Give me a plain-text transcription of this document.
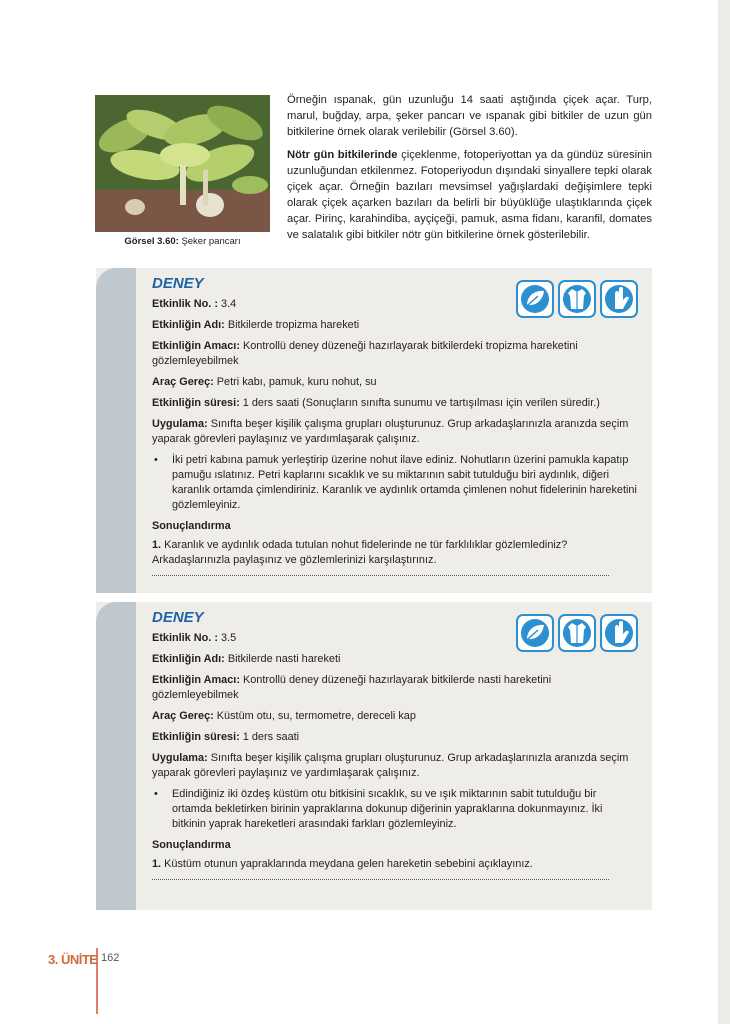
Görsel 3.60: Şeker pancarı

Örneğin ıspanak, gün uzunluğu 14 saati aştığında çiçek açar. Turp, marul, buğday, arpa, şeker pancarı ve ıspanak gibi bitkiler de uzun gün bitkilerine örnek olarak verilebilir (Görsel 3.60).

Nötr gün bitkilerinde çiçeklenme, fotoperiyottan ya da gündüz süresinin uzunluğundan etkilenmez. Fotoperiyodun dışındaki sinyallere tepki olarak çiçek açar. Örneğin bazıları mevsimsel yağışlardaki değişimlere tepki olarak çiçek açarken bazıları da belirli bir büyüklüğe ulaştıklarında çiçek açar. Pirinç, karahindiba, ayçiçeği, pamuk, asma fidanı, karanfil, domates ve salatalık gibi bitkiler nötr gün bitkilerine örnek gösterilebilir.

DENEY
Etkinlik No. : 3.4
Etkinliğin Adı: Bitkilerde tropizma hareketi
Etkinliğin Amacı: Kontrollü deney düzeneği hazırlayarak bitkilerdeki tropizma hareketini gözlemleyebilmek
Araç Gereç: Petri kabı, pamuk, kuru nohut, su
Etkinliğin süresi: 1 ders saati (Sonuçların sınıfta sunumu ve tartışılması için verilen süredir.)
Uygulama: Sınıfta beşer kişilik çalışma grupları oluşturunuz. Grup arkadaşlarınızla aranızda seçim yaparak görevleri paylaşınız ve yardımlaşarak çalışınız.
• İki petri kabına pamuk yerleştirip üzerine nohut ilave ediniz. Nohutların üzerini pamukla kapatıp pamuğu ıslatınız. Petri kaplarını sıcaklık ve su miktarının sabit tutulduğu biri aydınlık, diğeri karanlık ortamda çimlendiriniz. Karanlık ve aydınlık ortamda çimlenen nohut fidelerinin hareketini gözlemleyiniz.
Sonuçlandırma
1. Karanlık ve aydınlık odada tutulan nohut fidelerinde ne tür farklılıklar gözlemlediniz? Arkadaşlarınızla paylaşınız ve gözlemlerinizi karşılaştırınız.
DENEY
Etkinlik No. : 3.5
Etkinliğin Adı: Bitkilerde nasti hareketi
Etkinliğin Amacı: Kontrollü deney düzeneği hazırlayarak bitkilerde nasti hareketini gözlemleyebilmek
Araç Gereç: Küstüm otu, su, termometre, dereceli kap
Etkinliğin süresi: 1 ders saati
Uygulama: Sınıfta beşer kişilik çalışma grupları oluşturunuz. Grup arkadaşlarınızla aranızda seçim yaparak görevleri paylaşınız ve yardımlaşarak çalışınız.
• Edindiğiniz iki özdeş küstüm otu bitkisini sıcaklık, su ve ışık miktarının sabit tutulduğu bir ortamda bekletirken birinin yapraklarına dokunup diğerinin yapraklarına dokunmayınız. İki bitkinin yaprak hareketleri arasındaki farkları gözlemleyiniz.
Sonuçlandırma
1. Küstüm otunun yapraklarında meydana gelen hareketin sebebini açıklayınız.
3. ÜNİTE 162
